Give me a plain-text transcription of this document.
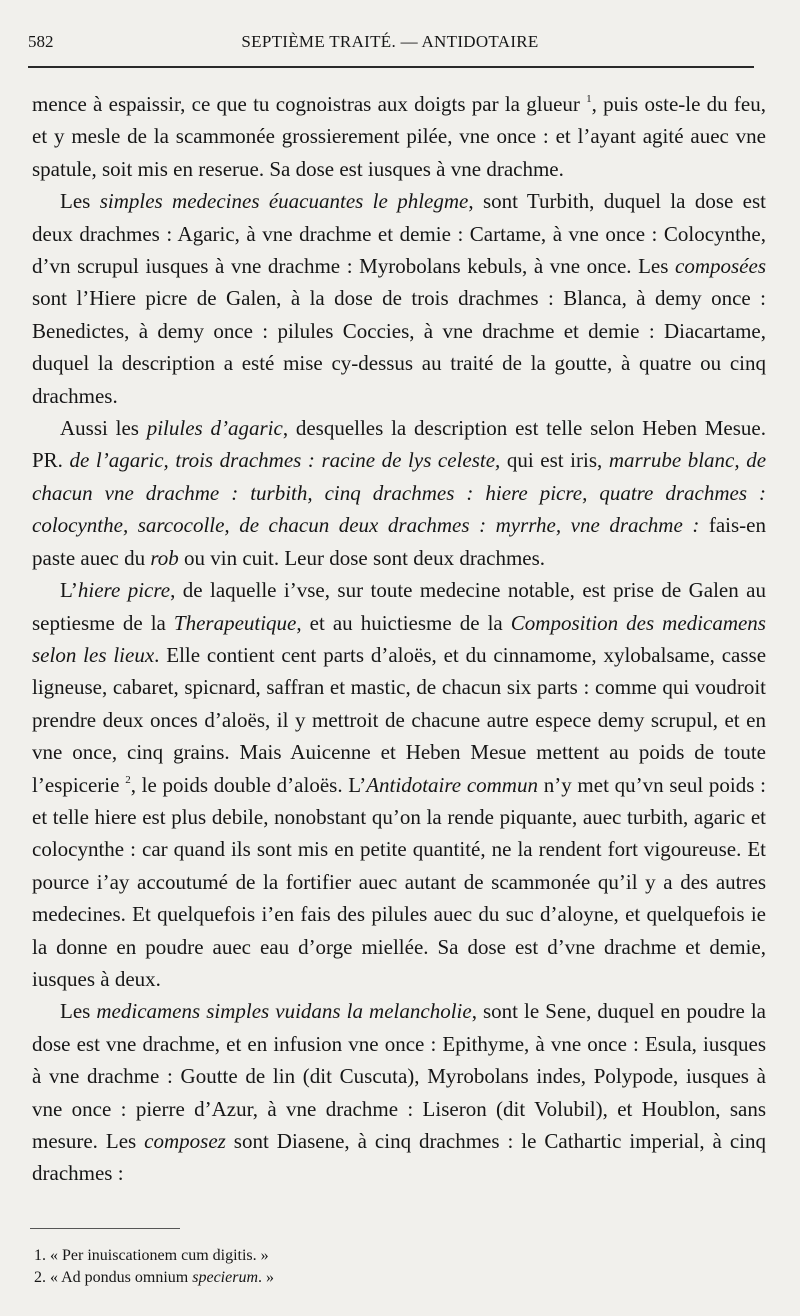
582	SEPTIÈME TRAITÉ. — ANTIDOTAIRE

mence à espaissir, ce que tu cognoistras aux doigts par la glueur $^1$, puis oste-le du feu, et y mesle de la scammonée grossierement pilée, vne once : et l’ayant agité auec vne spatule, soit mis en reserue. Sa dose est iusques à vne drachme.

Les simples medecines éuacuantes le phlegme, sont Turbith, duquel la dose est deux drachmes : Agaric, à vne drachme et demie : Cartame, à vne once : Colocynthe, d’vn scrupul iusques à vne drachme : Myrobolans kebuls, à vne once. Les composées sont l’Hiere picre de Galen, à la dose de trois drachmes : Blanca, à demy once : Benedictes, à demy once : pilules Coccies, à vne drachme et demie : Diacartame, duquel la description a esté mise cy-dessus au traité de la goutte, à quatre ou cinq drachmes.

Aussi les pilules d’agaric, desquelles la description est telle selon Heben Mesue. PR. de l’agaric, trois drachmes : racine de lys celeste, qui est iris, marrube blanc, de chacun vne drachme : turbith, cinq drachmes : hiere picre, quatre drachmes : colocynthe, sarcocolle, de chacun deux drachmes : myrrhe, vne drachme : fais-en paste auec du rob ou vin cuit. Leur dose sont deux drachmes.

L’hiere picre, de laquelle i’vse, sur toute medecine notable, est prise de Galen au septiesme de la Therapeutique, et au huictiesme de la Composition des medicamens selon les lieux. Elle contient cent parts d’aloës, et du cinnamome, xylobalsame, casse ligneuse, cabaret, spicnard, saffran et mastic, de chacun six parts : comme qui voudroit prendre deux onces d’aloës, il y mettroit de chacune autre espece demy scrupul, et en vne once, cinq grains. Mais Auicenne et Heben Mesue mettent au poids de toute l’espicerie $^2$, le poids double d’aloës. L’Antidotaire commun n’y met qu’vn seul poids : et telle hiere est plus debile, nonobstant qu’on la rende piquante, auec turbith, agaric et colocynthe : car quand ils sont mis en petite quantité, ne la rendent fort vigoureuse. Et pource i’ay accoutumé de la fortifier auec autant de scammonée qu’il y a des autres medecines. Et quelquefois i’en fais des pilules auec du suc d’aloyne, et quelquefois ie la donne en poudre auec eau d’orge miellée. Sa dose est d’vne drachme et demie, iusques à deux.

Les medicamens simples vuidans la melancholie, sont le Sene, duquel en poudre la dose est vne drachme, et en infusion vne once : Epithyme, à vne once : Esula, iusques à vne drachme : Goutte de lin (dit Cuscuta), Myrobolans indes, Polypode, iusques à vne once : pierre d’Azur, à vne drachme : Liseron (dit Volubil), et Houblon, sans mesure. Les composez sont Diasene, à cinq drachmes : le Cathartic imperial, à cinq drachmes :

1. « Per inuiscationem cum digitis. »
2. « Ad pondus omnium specierum. »
